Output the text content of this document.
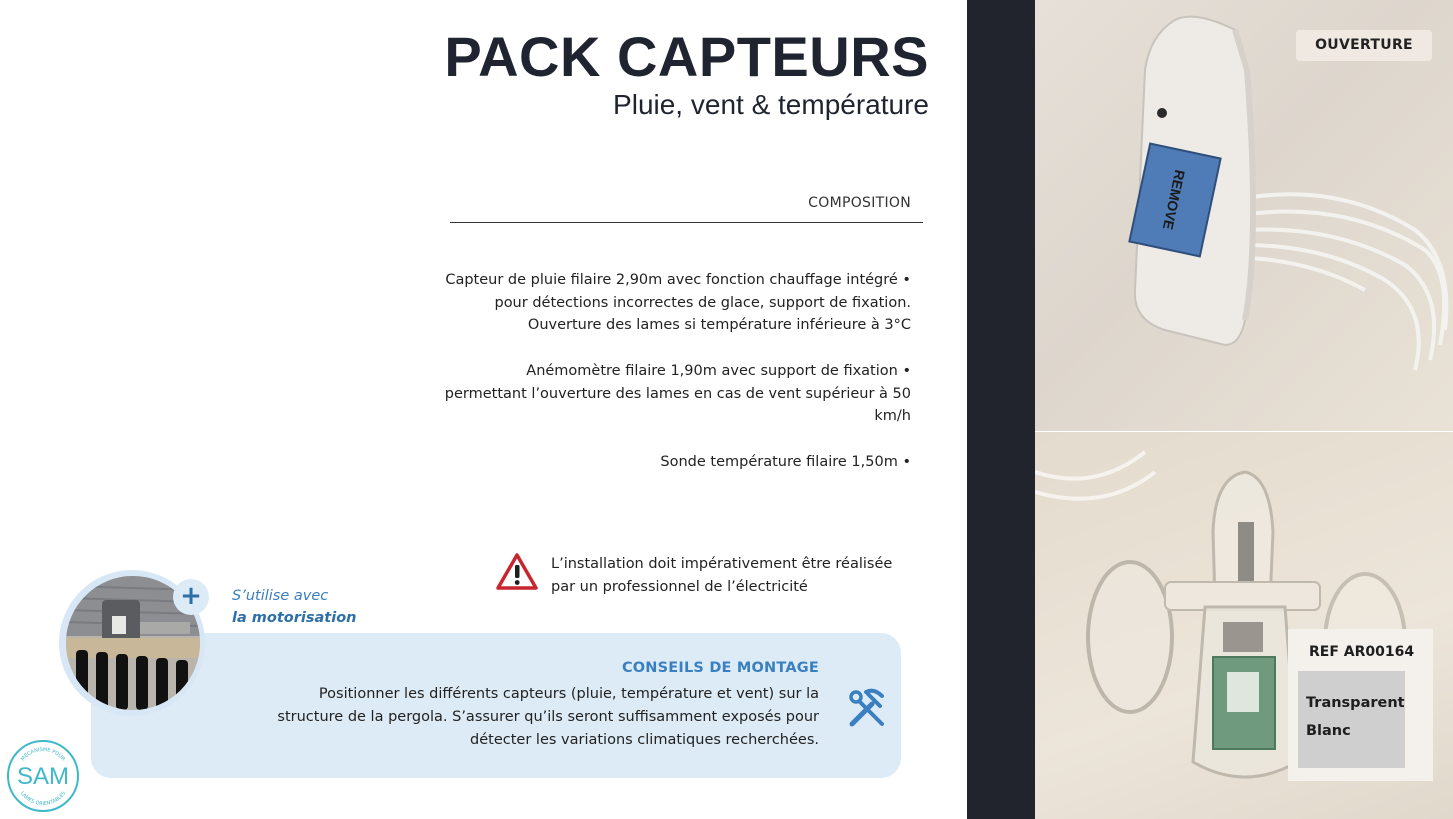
PACK CAPTEURS
Pluie, vent & température
COMPOSITION
Capteur de pluie filaire 2,90m avec fonction chauffage intégré •
pour détections incorrectes de glace, support de fixation.
Ouverture des lames si température inférieure à 3°C
Anémomètre filaire 1,90m avec support de fixation •
permettant l’ouverture des lames en cas de vent supérieur à 50
km/h
Sonde température filaire 1,50m •
L’installation doit impérativement être réalisée
par un professionnel de l’électricité
CONSEILS DE MONTAGE
Positionner les différents capteurs (pluie, température et vent) sur la
structure de la pergola. S’assurer qu’ils seront suffisamment exposés pour
détecter les variations climatiques recherchées.
+	S’utilise avec
la motorisation
SAM
MÉCANISME POUR
LAMES ORIENTABLES
REMOVE
OUVERTURE
REF AR00164
Transparent
Blanc
